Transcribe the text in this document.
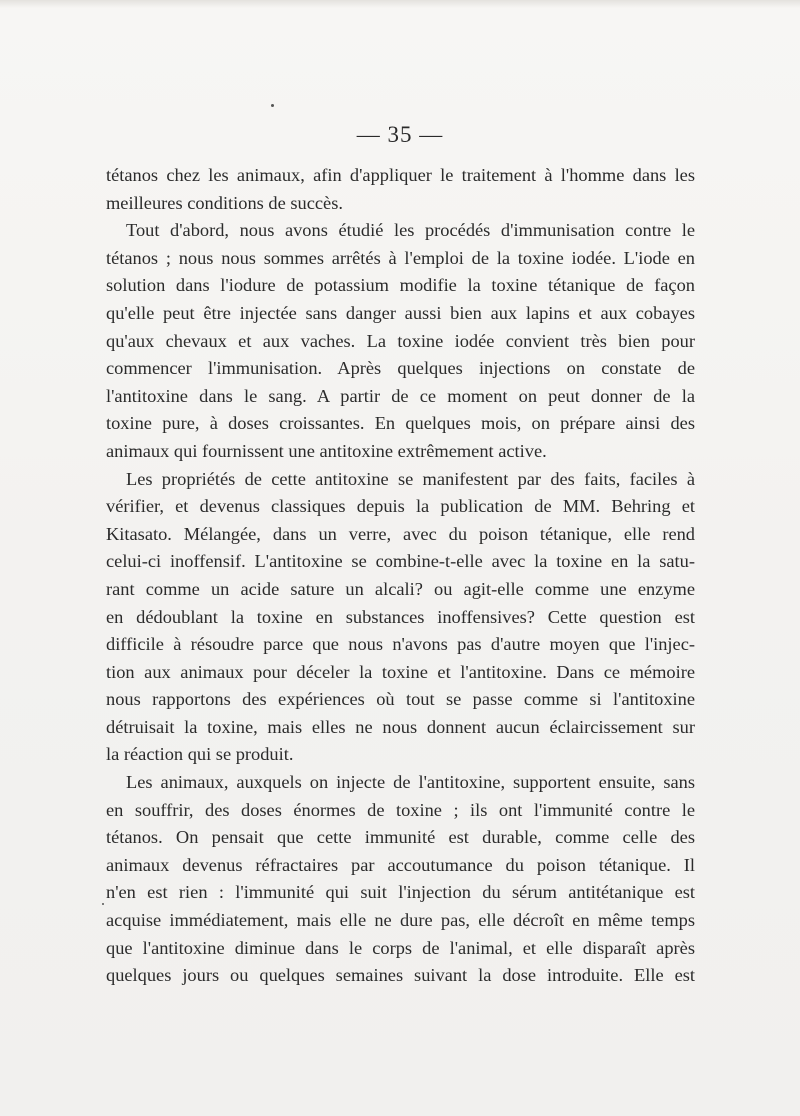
— 35 —
tétanos chez les animaux, afin d'appliquer le traitement à l'homme dans les
meilleures conditions de succès.
Tout d'abord, nous avons étudié les procédés d'immunisation contre le
tétanos ; nous nous sommes arrêtés à l'emploi de la toxine iodée. L'iode en
solution dans l'iodure de potassium modifie la toxine tétanique de façon
qu'elle peut être injectée sans danger aussi bien aux lapins et aux cobayes
qu'aux chevaux et aux vaches. La toxine iodée convient très bien pour
commencer l'immunisation. Après quelques injections on constate de
l'antitoxine dans le sang. A partir de ce moment on peut donner de la
toxine pure, à doses croissantes. En quelques mois, on prépare ainsi des
animaux qui fournissent une antitoxine extrêmement active.
Les propriétés de cette antitoxine se manifestent par des faits, faciles à
vérifier, et devenus classiques depuis la publication de MM. Behring et
Kitasato. Mélangée, dans un verre, avec du poison tétanique, elle rend
celui-ci inoffensif. L'antitoxine se combine-t-elle avec la toxine en la satu-
rant comme un acide sature un alcali? ou agit-elle comme une enzyme
en dédoublant la toxine en substances inoffensives? Cette question est
difficile à résoudre parce que nous n'avons pas d'autre moyen que l'injec-
tion aux animaux pour déceler la toxine et l'antitoxine. Dans ce mémoire
nous rapportons des expériences où tout se passe comme si l'antitoxine
détruisait la toxine, mais elles ne nous donnent aucun éclaircissement sur
la réaction qui se produit.
Les animaux, auxquels on injecte de l'antitoxine, supportent ensuite, sans
en souffrir, des doses énormes de toxine ; ils ont l'immunité contre le
tétanos. On pensait que cette immunité est durable, comme celle des
animaux devenus réfractaires par accoutumance du poison tétanique. Il
n'en est rien : l'immunité qui suit l'injection du sérum antitétanique est
acquise immédiatement, mais elle ne dure pas, elle décroît en même temps
que l'antitoxine diminue dans le corps de l'animal, et elle disparaît après
quelques jours ou quelques semaines suivant la dose introduite. Elle est
